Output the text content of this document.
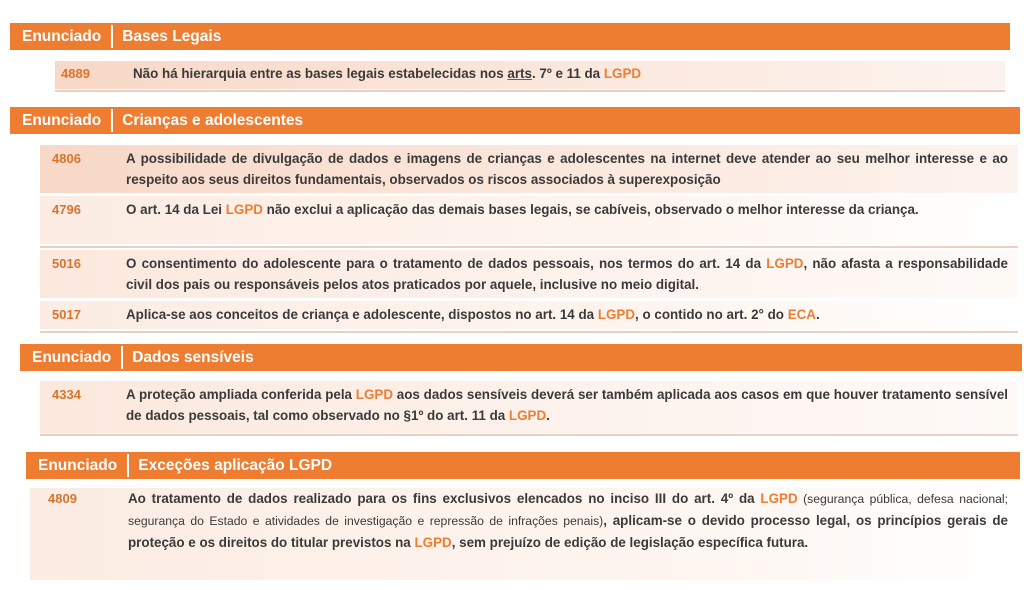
Enunciado	Bases Legais
4889	Não há hierarquia entre as bases legais estabelecidas nos arts. 7º e 11 da LGPD
Enunciado	Crianças e adolescentes
4806	A possibilidade de divulgação de dados e imagens de crianças e adolescentes na internet deve atender ao seu melhor interesse e ao respeito aos seus direitos fundamentais, observados os riscos associados à superexposição
4796	O art. 14 da Lei LGPD não exclui a aplicação das demais bases legais, se cabíveis, observado o melhor interesse da criança.
5016	O consentimento do adolescente para o tratamento de dados pessoais, nos termos do art. 14 da LGPD, não afasta a responsabilidade civil dos pais ou responsáveis pelos atos praticados por aquele, inclusive no meio digital.
5017	Aplica-se aos conceitos de criança e adolescente, dispostos no art. 14 da LGPD, o contido no art. 2° do ECA.
Enunciado	Dados sensíveis
4334	A proteção ampliada conferida pela LGPD aos dados sensíveis deverá ser também aplicada aos casos em que houver tratamento sensível de dados pessoais, tal como observado no §1º do art. 11 da LGPD.
Enunciado	Exceções aplicação LGPD
4809	Ao tratamento de dados realizado para os fins exclusivos elencados no inciso III do art. 4º da LGPD (segurança pública, defesa nacional; segurança do Estado e atividades de investigação e repressão de infrações penais), aplicam-se o devido processo legal, os princípios gerais de proteção e os direitos do titular previstos na LGPD, sem prejuízo de edição de legislação específica futura.
